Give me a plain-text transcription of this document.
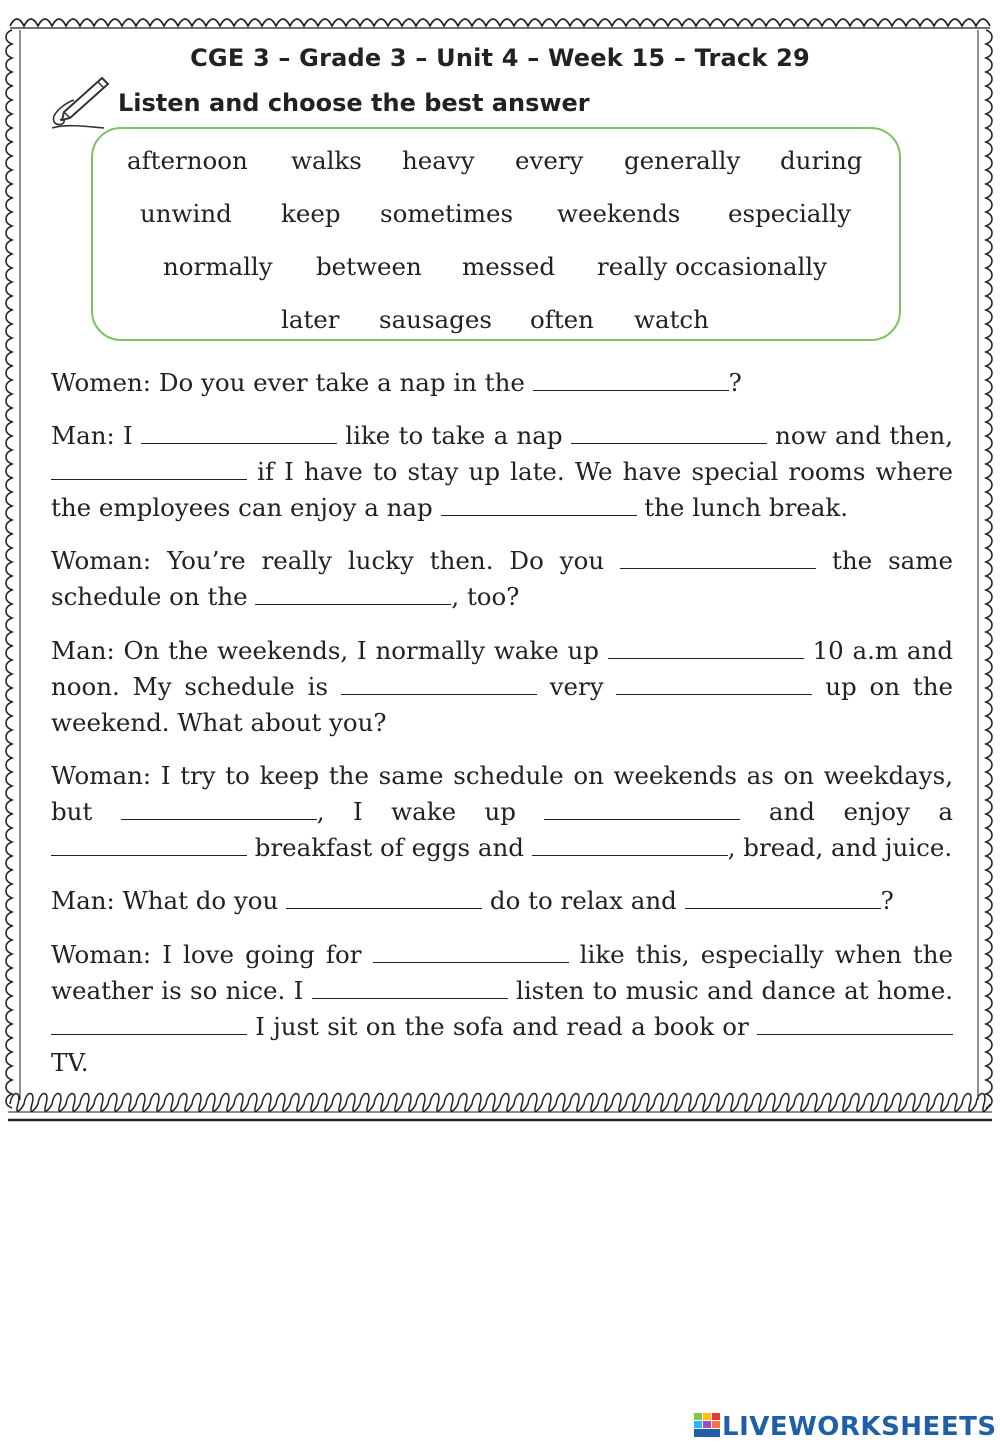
CGE 3 – Grade 3 – Unit 4 – Week 15 – Track 29
Listen and choose the best answer
afternoon walks heavy every generally during
unwind keep sometimes weekends especially
normally between messed really occasionally
later sausages often watch

Women: Do you ever take a nap in the	?

Man: I	like to take a nap	now and then,  if I have to stay up late. We have special rooms where the employees can enjoy a nap	the lunch break.

Woman: You’re really lucky then. Do you	the same schedule on the	, too?

Man: On the weekends, I normally wake up	10 a.m and noon. My schedule is	very	up on the weekend. What about you?

Woman: I try to keep the same schedule on weekends as on weekdays, but	, I wake up	and enjoy a  breakfast of eggs and	, bread, and juice.

Man: What do you	do to relax and	?

Woman: I love going for	like this, especially when the weather is so nice. I	listen to music and dance at home.  I just sit on the sofa and read a book or  TV.

LIVEWORKSHEETS
